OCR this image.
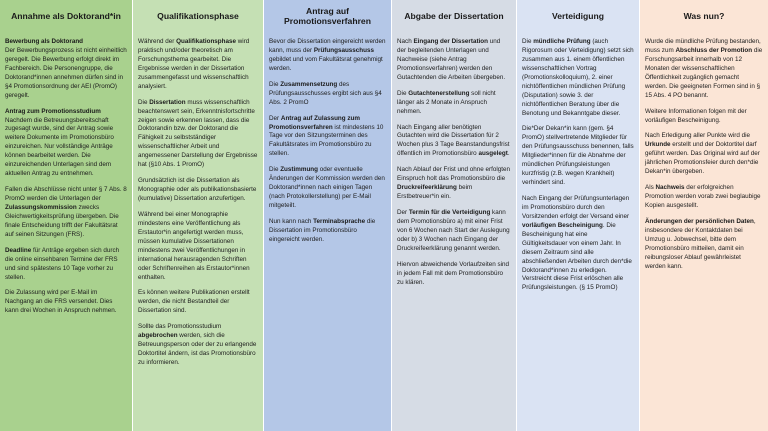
Annahme als Doktorand*in	Qualifikationsphase
Antrag auf
Promotionsverfahren
Abgabe der Dissertation	Verteidigung	Was nun?

Bewerbung als Doktorand
Der Bewerbungsprozess ist nicht einheitlich geregelt. Die Bewerbung erfolgt direkt im Fachbereich. Die Personengruppe, die Doktorand*innen annehmen dürfen sind in §4 Promotionsordnung der AEI (PromO) geregelt.

Antrag zum Promotionsstudium
Nachdem die Betreuungsbereitschaft zugesagt wurde, sind der Antrag sowie weitere Dokumente im Promotionsbüro einzureichen. Nur vollständige Anträge können bearbeitet werden. Die einzureichenden Unterlagen sind dem aktuellen Antrag zu entnehmen.

Fallen die Abschlüsse nicht unter § 7 Abs. 8 PromO werden die Unterlagen der Zulassungskommission zwecks Gleichwertigkeitsprüfung übergeben. Die finale Entscheidung trifft der Fakultätsrat auf seinen Sitzungen (FRS).

Deadline für Anträge ergeben sich durch die online einsehbaren Termine der FRS und sind spätestens 10 Tage vorher zu stellen.

Die Zulassung wird per E-Mail im Nachgang an die FRS versendet. Dies kann drei Wochen in Anspruch nehmen.

Während der Qualifikationsphase wird praktisch und/oder theoretisch am Forschungsthema gearbeitet. Die Ergebnisse werden in der Dissertation zusammengefasst und wissenschaftlich analysiert.

Die Dissertation muss wissenschaftlich beachtenswert sein, Erkenntnisfortschritte zeigen sowie erkennen lassen, dass die Doktorandin bzw. der Doktorand die Fähigkeit zu selbstständiger wissenschaftlicher Arbeit und angemessener Darstellung der Ergebnisse hat (§10 Abs. 1 PromO)

Grundsätzlich ist die Dissertation als Monographie oder als publikationsbasierte (kumulative) Dissertation anzufertigen.

Während bei einer Monographie mindestens eine Veröffentlichung als Erstautor*in angefertigt werden muss, müssen kumulative Dissertationen mindestens zwei Veröffentlichungen in international herausragenden Schriften oder Schriftenreihen als Erstautor*innen enthalten.

Es können weitere Publikationen erstellt werden, die nicht Bestandteil der Dissertation sind.

Sollte das Promotionsstudium abgebrochen werden, sich die Betreuungsperson oder der zu erlangende Doktortitel ändern, ist das Promotionsbüro zu informieren.

Bevor die Dissertation eingereicht werden kann, muss der Prüfungsausschuss gebildet und vom Fakultätsrat genehmigt werden.

Die Zusammensetzung des Prüfungsausschusses ergibt sich aus §4 Abs. 2 PromO

Der Antrag auf Zulassung zum Promotionsverfahren ist mindestens 10 Tage vor den Sitzungsterminen des Fakultätsrates im Promotionsbüro zu stellen.

Die Zustimmung oder eventuelle Änderungen der Kommission werden den Doktorand*innen nach einigen Tagen (nach Protokollerstellung) per E-Mail mitgeteilt.

Nun kann nach Terminabsprache die Dissertation im Promotionsbüro eingereicht werden.

Nach Eingang der Dissertation und der begleitenden Unterlagen und Nachweise (siehe Antrag Promotionsverfahren) werden den Gutachtenden die Arbeiten übergeben.

Die Gutachtenerstellung soll nicht länger als 2 Monate in Anspruch nehmen.

Nach Eingang aller benötigten Gutachten wird die Dissertation für 2 Wochen plus 3 Tage Beanstandungsfrist öffentlich im Promotionsbüro ausgelegt.

Nach Ablauf der Frist und ohne erfolgten Einspruch holt das Promotionsbüro die Druckreifeerklärung beim Erstbetreuer*in ein.

Der Termin für die Verteidigung kann dem Promotionsbüro a) mit einer Frist von 6 Wochen nach Start der Auslegung oder b) 3 Wochen nach Eingang der Druckreifeerklärung genannt werden.

Hiervon abweichende Vorlaufzeiten sind in jedem Fall mit dem Promotionsbüro zu klären.

Die mündliche Prüfung (auch Rigorosum oder Verteidigung) setzt sich zusammen aus 1. einem öffentlichen wissenschaftlichen Vortrag (Promotionskolloquium), 2. einer nichtöffentlichen mündlichen Prüfung (Disputation) sowie 3. der nichtöffentlichen Beratung über die Benotung und Bekanntgabe dieser.

Die*Der Dekan*in kann (gem. §4 PromO) stellvertretende Mitglieder für den Prüfungsausschuss benennen, falls Mitglieder*innen für die Abnahme der mündlichen Prüfungsleistungen kurzfristig (z.B. wegen Krankheit) verhindert sind.

Nach Eingang der Prüfungsunterlagen im Promotionsbüro durch den Vorsitzenden erfolgt der Versand einer vorläufigen Bescheinigung. Die Bescheinigung hat eine Gültigkeitsdauer von einem Jahr. In diesem Zeitraum sind alle abschließenden Arbeiten durch den*die Doktorand*innen zu erledigen. Verstreicht diese Frist erlöschen alle Prüfungsleistungen. (§ 15 PromO)

Wurde die mündliche Prüfung bestanden, muss zum Abschluss der Promotion die Forschungsarbeit innerhalb von 12 Monaten der wissenschaftlichen Öffentlichkeit zugänglich gemacht werden. Die geeigneten Formen sind in § 15 Abs. 4 PO benannt.

Weitere Informationen folgen mit der vorläufigen Bescheinigung.

Nach Erledigung aller Punkte wird die Urkunde erstellt und der Doktortitel darf geführt werden. Das Original wird auf der jährlichen Promotionsfeier durch den*die Dekan*in übergeben.

Als Nachweis der erfolgreichen Promotion werden vorab zwei beglaubige Kopien ausgestellt.

Änderungen der persönlichen Daten, insbesondere der Kontaktdaten bei Umzug u. Jobwechsel, bitte dem Promotionsbüro mitteilen, damit ein reibungsloser Ablauf gewährleistet werden kann.
